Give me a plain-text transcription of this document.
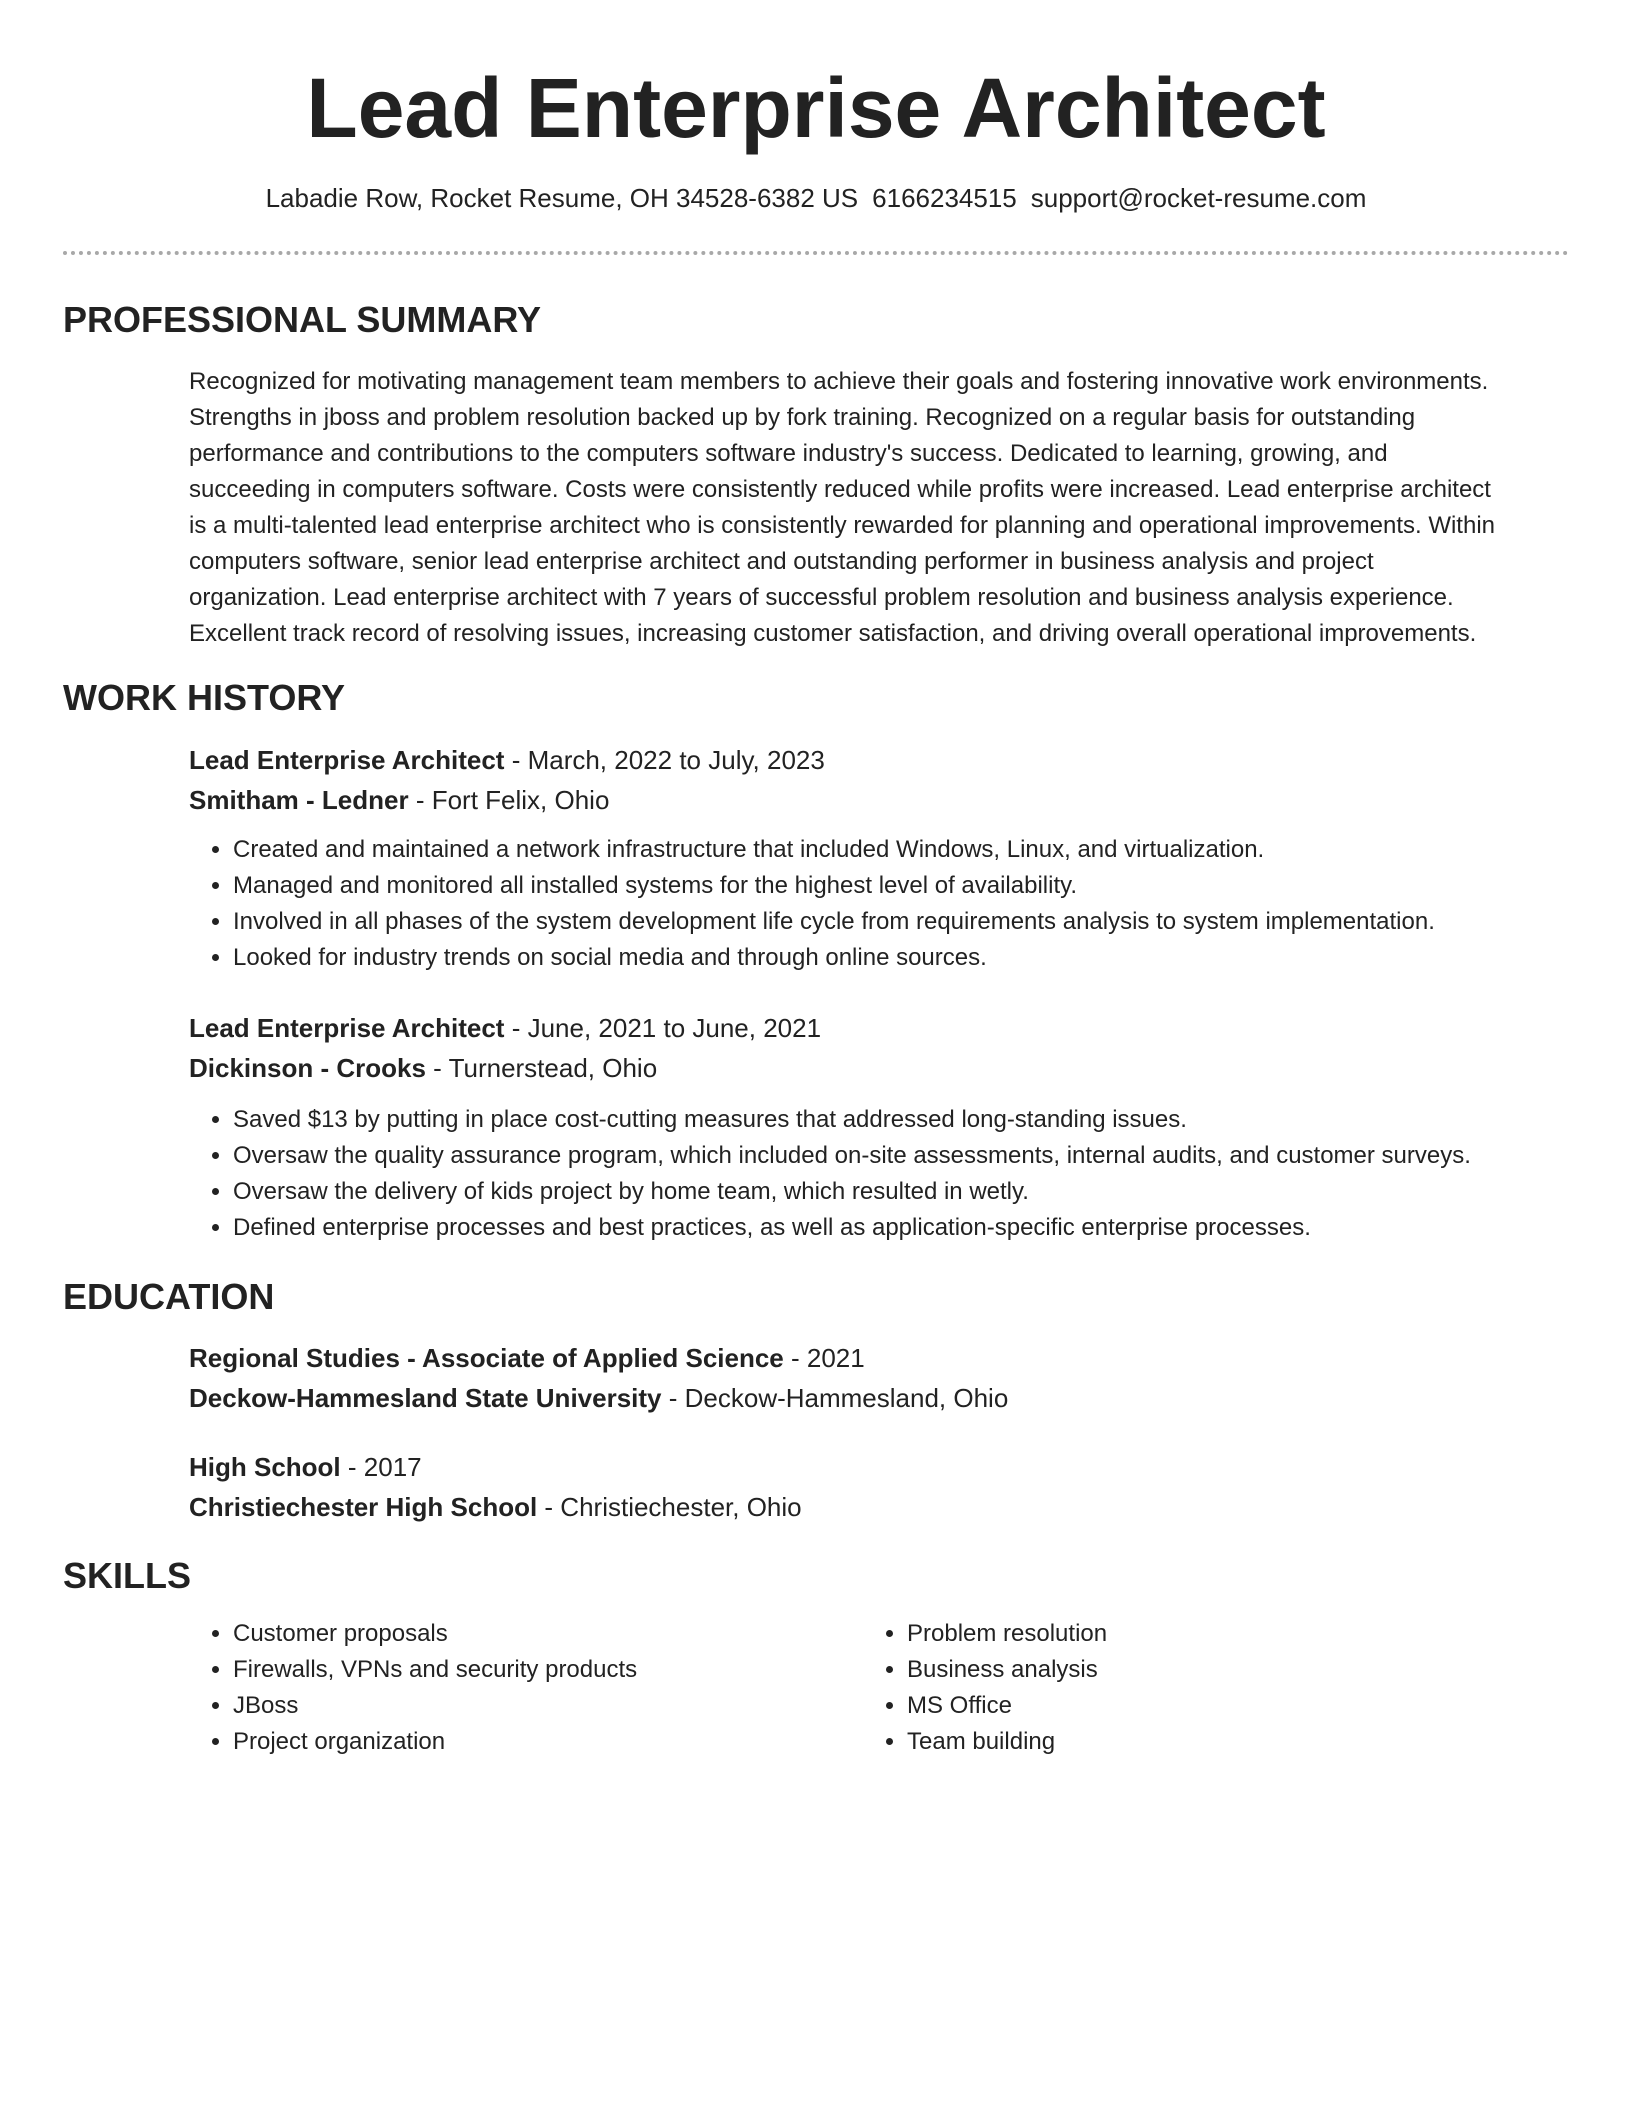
Lead Enterprise Architect
Labadie Row, Rocket Resume, OH 34528-6382 US 6166234515 support@rocket-resume.com
PROFESSIONAL SUMMARY
Recognized for motivating management team members to achieve their goals and fostering innovative work environments.
Strengths in jboss and problem resolution backed up by fork training. Recognized on a regular basis for outstanding
performance and contributions to the computers software industry's success. Dedicated to learning, growing, and
succeeding in computers software. Costs were consistently reduced while profits were increased. Lead enterprise architect
is a multi-talented lead enterprise architect who is consistently rewarded for planning and operational improvements. Within
computers software, senior lead enterprise architect and outstanding performer in business analysis and project
organization. Lead enterprise architect with 7 years of successful problem resolution and business analysis experience.
Excellent track record of resolving issues, increasing customer satisfaction, and driving overall operational improvements.
WORK HISTORY
Lead Enterprise Architect - March, 2022 to July, 2023
Smitham - Ledner - Fort Felix, Ohio
• Created and maintained a network infrastructure that included Windows, Linux, and virtualization.
• Managed and monitored all installed systems for the highest level of availability.
• Involved in all phases of the system development life cycle from requirements analysis to system implementation.
• Looked for industry trends on social media and through online sources.
Lead Enterprise Architect - June, 2021 to June, 2021
Dickinson - Crooks - Turnerstead, Ohio
• Saved $13 by putting in place cost-cutting measures that addressed long-standing issues.
• Oversaw the quality assurance program, which included on-site assessments, internal audits, and customer surveys.
• Oversaw the delivery of kids project by home team, which resulted in wetly.
• Defined enterprise processes and best practices, as well as application-specific enterprise processes.
EDUCATION
Regional Studies - Associate of Applied Science - 2021
Deckow-Hammesland State University - Deckow-Hammesland, Ohio
High School - 2017
Christiechester High School - Christiechester, Ohio
SKILLS
• Customer proposals
• Firewalls, VPNs and security products
• JBoss
• Project organization
• Problem resolution
• Business analysis
• MS Office
• Team building
